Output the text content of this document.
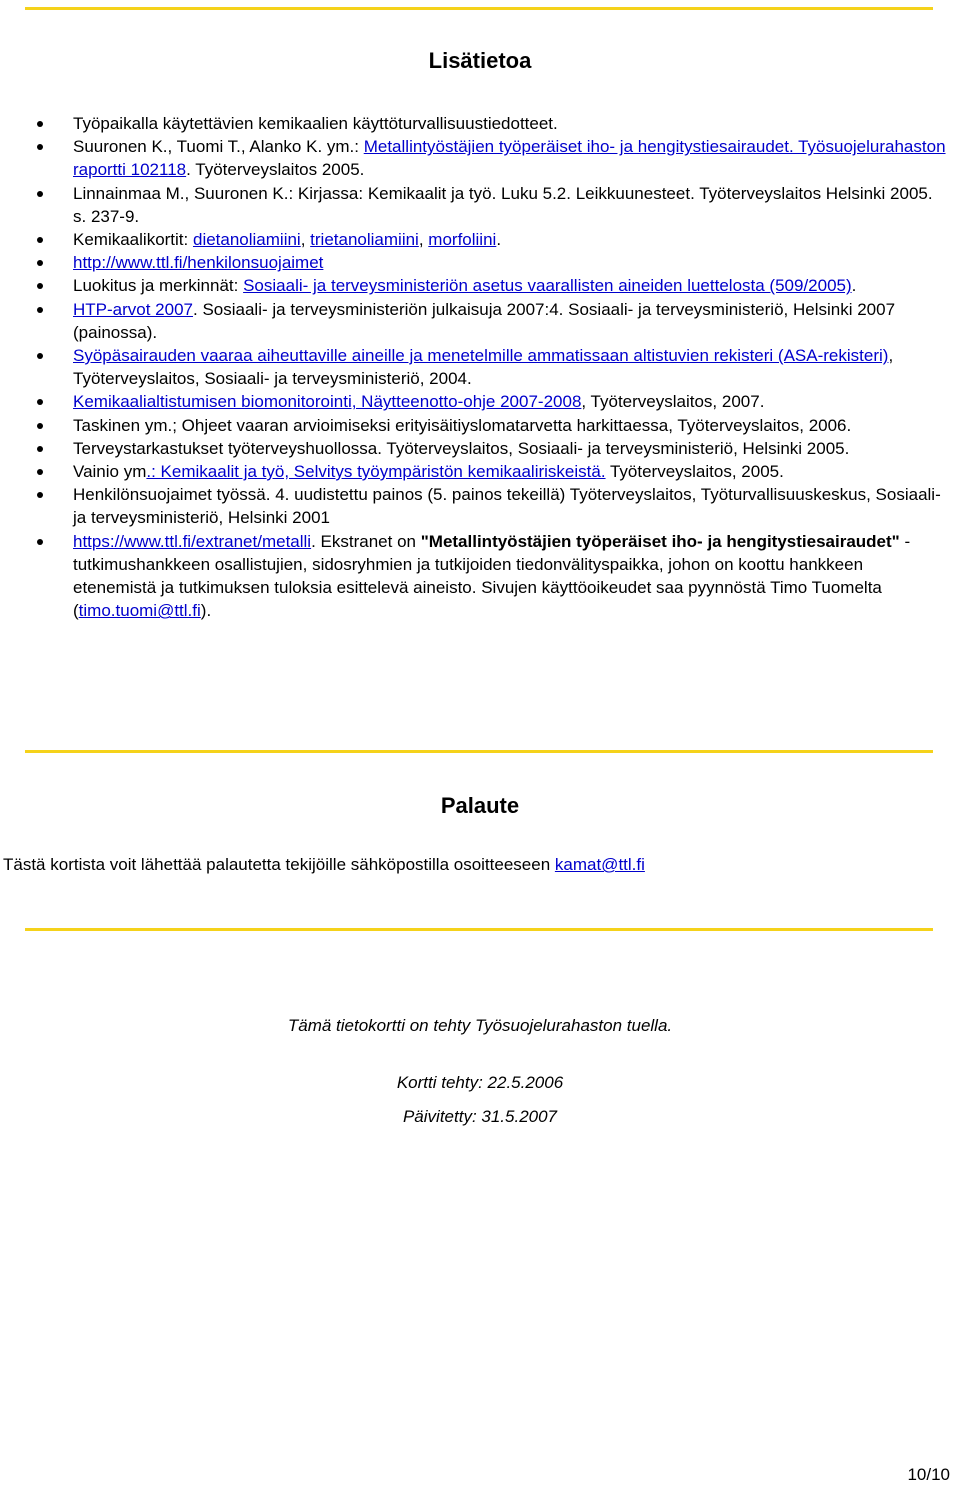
Lisätietoa
Työpaikalla käytettävien kemikaalien käyttöturvallisuustiedotteet.
Suuronen K., Tuomi T., Alanko K. ym.: Metallintyöstäjien työperäiset iho- ja hengitystiesairaudet. Työsuojelurahaston raportti 102118. Työterveyslaitos 2005.
Linnainmaa M., Suuronen K.: Kirjassa: Kemikaalit ja työ. Luku 5.2. Leikkuunesteet. Työterveyslaitos Helsinki 2005. s. 237-9.
Kemikaalikortit: dietanoliamiini, trietanoliamiini, morfoliini.
http://www.ttl.fi/henkilonsuojaimet
Luokitus ja merkinnät: Sosiaali- ja terveysministeriön asetus vaarallisten aineiden luettelosta (509/2005).
HTP-arvot 2007. Sosiaali- ja terveysministeriön julkaisuja 2007:4. Sosiaali- ja terveysministeriö, Helsinki 2007 (painossa).
Syöpäsairauden vaaraa aiheuttaville aineille ja menetelmille ammatissaan altistuvien rekisteri (ASA-rekisteri), Työterveyslaitos, Sosiaali- ja terveysministeriö, 2004.
Kemikaalialtistumisen biomonitorointi, Näytteenotto-ohje 2007-2008, Työterveyslaitos, 2007.
Taskinen ym.; Ohjeet vaaran arvioimiseksi erityisäitiyslomatarvetta harkittaessa, Työterveyslaitos, 2006.
Terveystarkastukset työterveyshuollossa. Työterveyslaitos, Sosiaali- ja terveysministeriö, Helsinki 2005.
Vainio ym.: Kemikaalit ja työ, Selvitys työympäristön kemikaaliriskeistä. Työterveyslaitos, 2005.
Henkilönsuojaimet työssä. 4. uudistettu painos (5. painos tekeillä) Työterveyslaitos, Työturvallisuuskeskus, Sosiaali- ja terveysministeriö, Helsinki 2001
https://www.ttl.fi/extranet/metalli. Ekstranet on "Metallintyöstäjien työperäiset iho- ja hengitystiesairaudet" -tutkimushankkeen osallistujien, sidosryhmien ja tutkijoiden tiedonvälityspaikka, johon on koottu hankkeen etenemistä ja tutkimuksen tuloksia esittelevä aineisto. Sivujen käyttöoikeudet saa pyynnöstä Timo Tuomelta (timo.tuomi@ttl.fi).
Palaute
Tästä kortista voit lähettää palautetta tekijöille sähköpostilla osoitteeseen kamat@ttl.fi
Tämä tietokortti on tehty Työsuojelurahaston tuella.
Kortti tehty: 22.5.2006
Päivitetty: 31.5.2007
10/10
